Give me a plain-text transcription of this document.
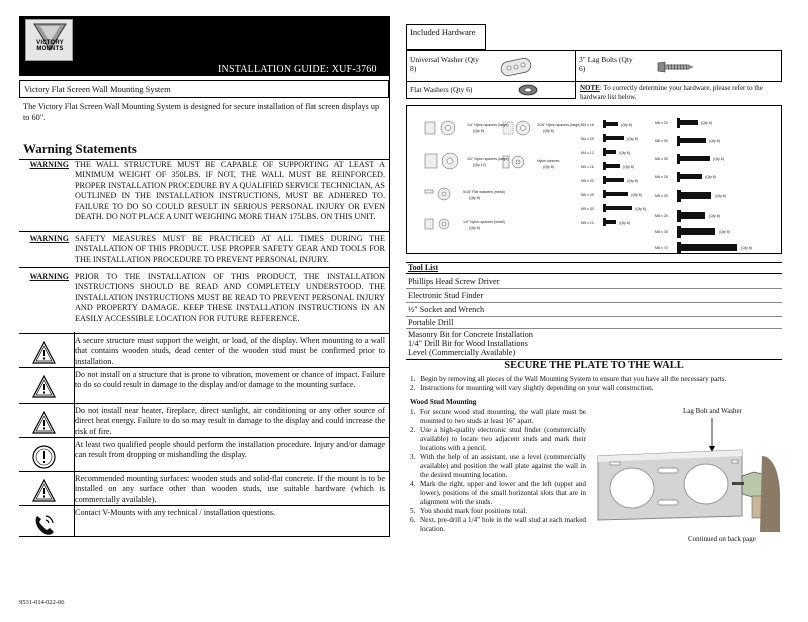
VICTORY MOUNTS
INSTALLATION GUIDE: XUF-3760
Victory Flat Screen Wall Mounting System
The Victory Flat Screen Wall Mounting System is designed for secure installation of flat screen displays up to 60".
Warning Statements
WARNING THE WALL STRUCTURE MUST BE CAPABLE OF SUPPORTING AT LEAST A MINIMUM WEIGHT OF 350LBS. IF NOT, THE WALL MUST BE REINFORCED. PROPER INSTALLATION PROCEDURE BY A QUALIFIED SERVICE TECHNICIAN, AS OUTLINED IN THE INSTALLATION INSTRUCTIONS, MUST BE ADHERED TO. FAILURE TO DO SO COULD RESULT IN SERIOUS PERSONAL INJURY OR EVEN DEATH. DO NOT PLACE A UNIT WEIGHING MORE THAN 175LBS. ON THIS UNIT.
WARNING SAFETY MEASURES MUST BE PRACTICED AT ALL TIMES DURING THE INSTALLATION OF THIS PRODUCT. USE PROPER SAFETY GEAR AND TOOLS FOR THE INSTALLATION PROCEDURE TO PREVENT PERSONAL INJURY.
WARNING PRIOR TO THE INSTALLATION OF THIS PRODUCT, THE INSTALLATION INSTRUCTIONS SHOULD BE READ AND COMPLETELY UNDERSTOOD. THE INSTALLATION INSTRUCTIONS MUST BE READ TO PREVENT PERSONAL INJURY AND PROPERTY DAMAGE. KEEP THESE INSTALLATION INSTRUCTIONS IN AN EASILY ACCESSIBLE LOCATION FOR FUTURE REFERENCE.
A secure structure must support the weight, or load, of the display. When mounting to a wall that contains wooden studs, dead center of the wooden stud must be confirmed prior to installation.
Do not install on a structure that is prone to vibration, movement or chance of impact. Failure to do so could result in damage to the display and/or damage to the mounting surface.
Do not install near heater, fireplace, direct sunlight, air conditioning or any other source of direct heat energy. Failure to do so may result in damage to the display and could increase the risk of fire.
At least two qualified people should perform the installation procedure. Injury and/or damage can result from dropping or mishandling the display.
Recommended mounting surfaces: wooden studs and solid-flat concrete. If the mount is to be installed on any surface other than wooden studs, use suitable hardware (which is commercially available).
Contact V-Mounts with any technical / installation questions.
9531-014-022-06
Included Hardware
Universal Washer (Qty 8)
3" Lag Bolts (Qty 6)
Flat Washers (Qty 6)	NOTE: To correctly determine your hardware, please refer to the hardware list below.
1/4" Nylon spacers (large)
(Qty 8)
3/16" Nylon spacers (large)
(Qty 8)
1/2" Nylon spacers (large)
(Qty 12)
Nylon sleeves
(Qty 8)
5/16" Flat washers (metal)
(Qty 8)
1/4" Nylon spacers (small)
(Qty 8)
M4 x 16	(Qty 8)
M4 x 25	(Qty 8)
M4 x 12	(Qty 8)
M5 x 16	(Qty 8)
M5 x 20	(Qty 8)
M5 x 25	(Qty 8)
M5 x 30	(Qty 8)
M5 x 12	(Qty 8)
M6 x 20	(Qty 8)
M6 x 30	(Qty 8)
M6 x 35	(Qty 8)
M6 x 25	(Qty 8)
M8 x 30	(Qty 8)
M8 x 25	(Qty 8)
M8 x 35	(Qty 8)
M8 x 70	(Qty 8)
Tool List
Phillips Head Screw Driver
Electronic Stud Finder
½" Socket and Wrench
Portable Drill
Masonry Bit for Concrete Installation
1/4" Drill Bit for Wood Installations
Level (Commercially Available)
SECURE THE PLATE TO THE WALL
1. Begin by removing all pieces of the Wall Mounting System to ensure that you have all the necessary parts.
2. Instructions for mounting will vary slightly depending on your wall construction.
Wood Stud Mounting
1. For secure wood stud mounting, the wall plate must be mounted to two studs at least 16" apart.
2. Use a high-quality electronic stud finder (commercially available) to locate two adjacent studs and mark their locations with a pencil.
3. With the help of an assistant, use a level (commercially available) and position the wall plate against the wall in the desired mounting location.
4. Mark the right, upper and lower and the left (upper and lower), positions of the small horizontal slots that are in alignment with the studs.
5. You should mark four positions total.
6. Next, pre-drill a 1/4" hole in the wall stud at each marked location.
Lag Bolt and Washer
Continued on back page
